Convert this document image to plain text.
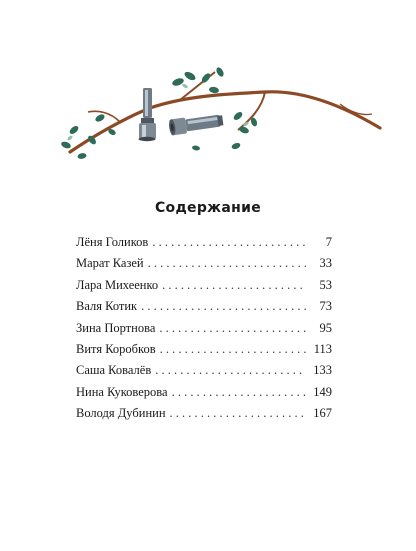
Содержание
Лёня Голиков . . .	7
Марат Казей . . .	33
Лара Михеенко . . .	53
Валя Котик . . .	73
Зина Портнова . . .	95
Витя Коробков . . .	113
Саша Ковалёв . . .	133
Нина Куковерова . . .	149
Володя Дубинин . . .	167
